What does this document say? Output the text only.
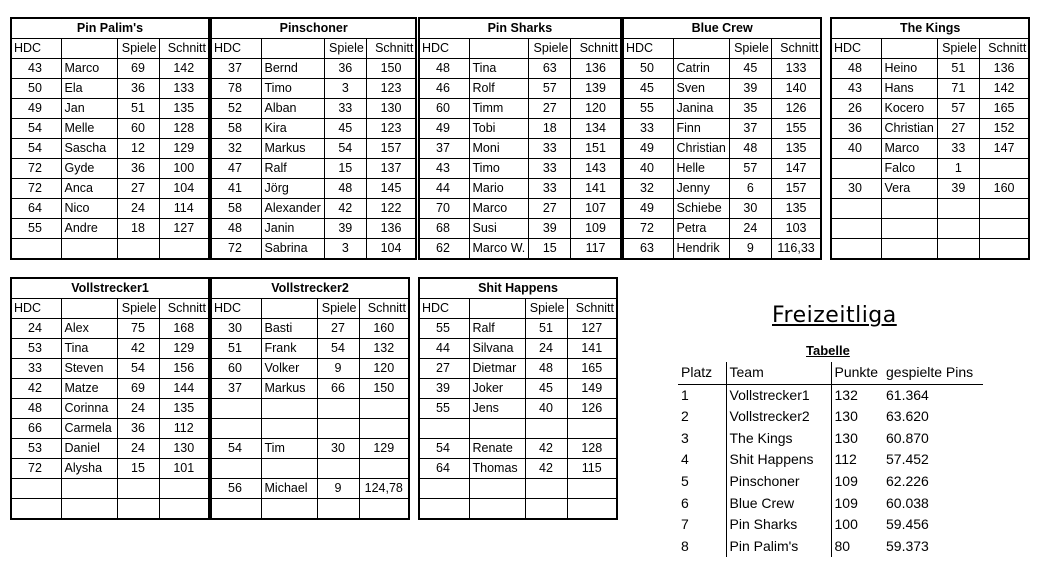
Pin Palim's			
HDC		Spiele	Schnitt
43	Marco	69	142
50	Ela	36	133
49	Jan	51	135
54	Melle	60	128
54	Sascha	12	129
72	Gyde	36	100
72	Anca	27	104
64	Nico	24	114
55	Andre	18	127

Pinschoner			
HDC		Spiele	Schnitt
37	Bernd	36	150
78	Timo	3	123
52	Alban	33	130
58	Kira	45	123
32	Markus	54	157
47	Ralf	15	137
41	Jörg	48	145
58	Alexander	42	122
48	Janin	39	136
72	Sabrina	3	104
Pin Sharks			
HDC		Spiele	Schnitt
48	Tina	63	136
46	Rolf	57	139
60	Timm	27	120
49	Tobi	18	134
37	Moni	33	151
43	Timo	33	143
44	Mario	33	141
70	Marco	27	107
68	Susi	39	109
62	Marco W.	15	117
Blue Crew			
HDC		Spiele	Schnitt
50	Catrin	45	133
45	Sven	39	140
55	Janina	35	126
33	Finn	37	155
49	Christian	48	135
40	Helle	57	147
32	Jenny	6	157
49	Schiebe	30	135
72	Petra	24	103
63	Hendrik	9	116,33
The Kings			
HDC		Spiele	Schnitt
48	Heino	51	136
43	Hans	71	142
26	Kocero	57	165
36	Christian	27	152
40	Marco	33	147
	Falco	1	
30	Vera	39	160

Vollstrecker1			
HDC		Spiele	Schnitt
24	Alex	75	168
53	Tina	42	129
33	Steven	54	156
42	Matze	69	144
48	Corinna	24	135
66	Carmela	36	112
53	Daniel	24	130
72	Alysha	15	101

Vollstrecker2			
HDC		Spiele	Schnitt
30	Basti	27	160
51	Frank	54	132
60	Volker	9	120
37	Markus	66	150

54	Tim	30	129

56	Michael	9	124,78

Shit Happens			
HDC		Spiele	Schnitt
55	Ralf	51	127
44	Silvana	24	141
27	Dietmar	48	165
39	Joker	45	149
55	Jens	40	126

54	Renate	42	128
64	Thomas	42	115

Freizeitliga
Tabelle
Platz	Team	Punkte	gespielte Pins
1	Vollstrecker1	132	61.364
2	Vollstrecker2	130	63.620
3	The Kings	130	60.870
4	Shit Happens	112	57.452
5	Pinschoner	109	62.226
6	Blue Crew	109	60.038
7	Pin Sharks	100	59.456
8	Pin Palim's	80	59.373
